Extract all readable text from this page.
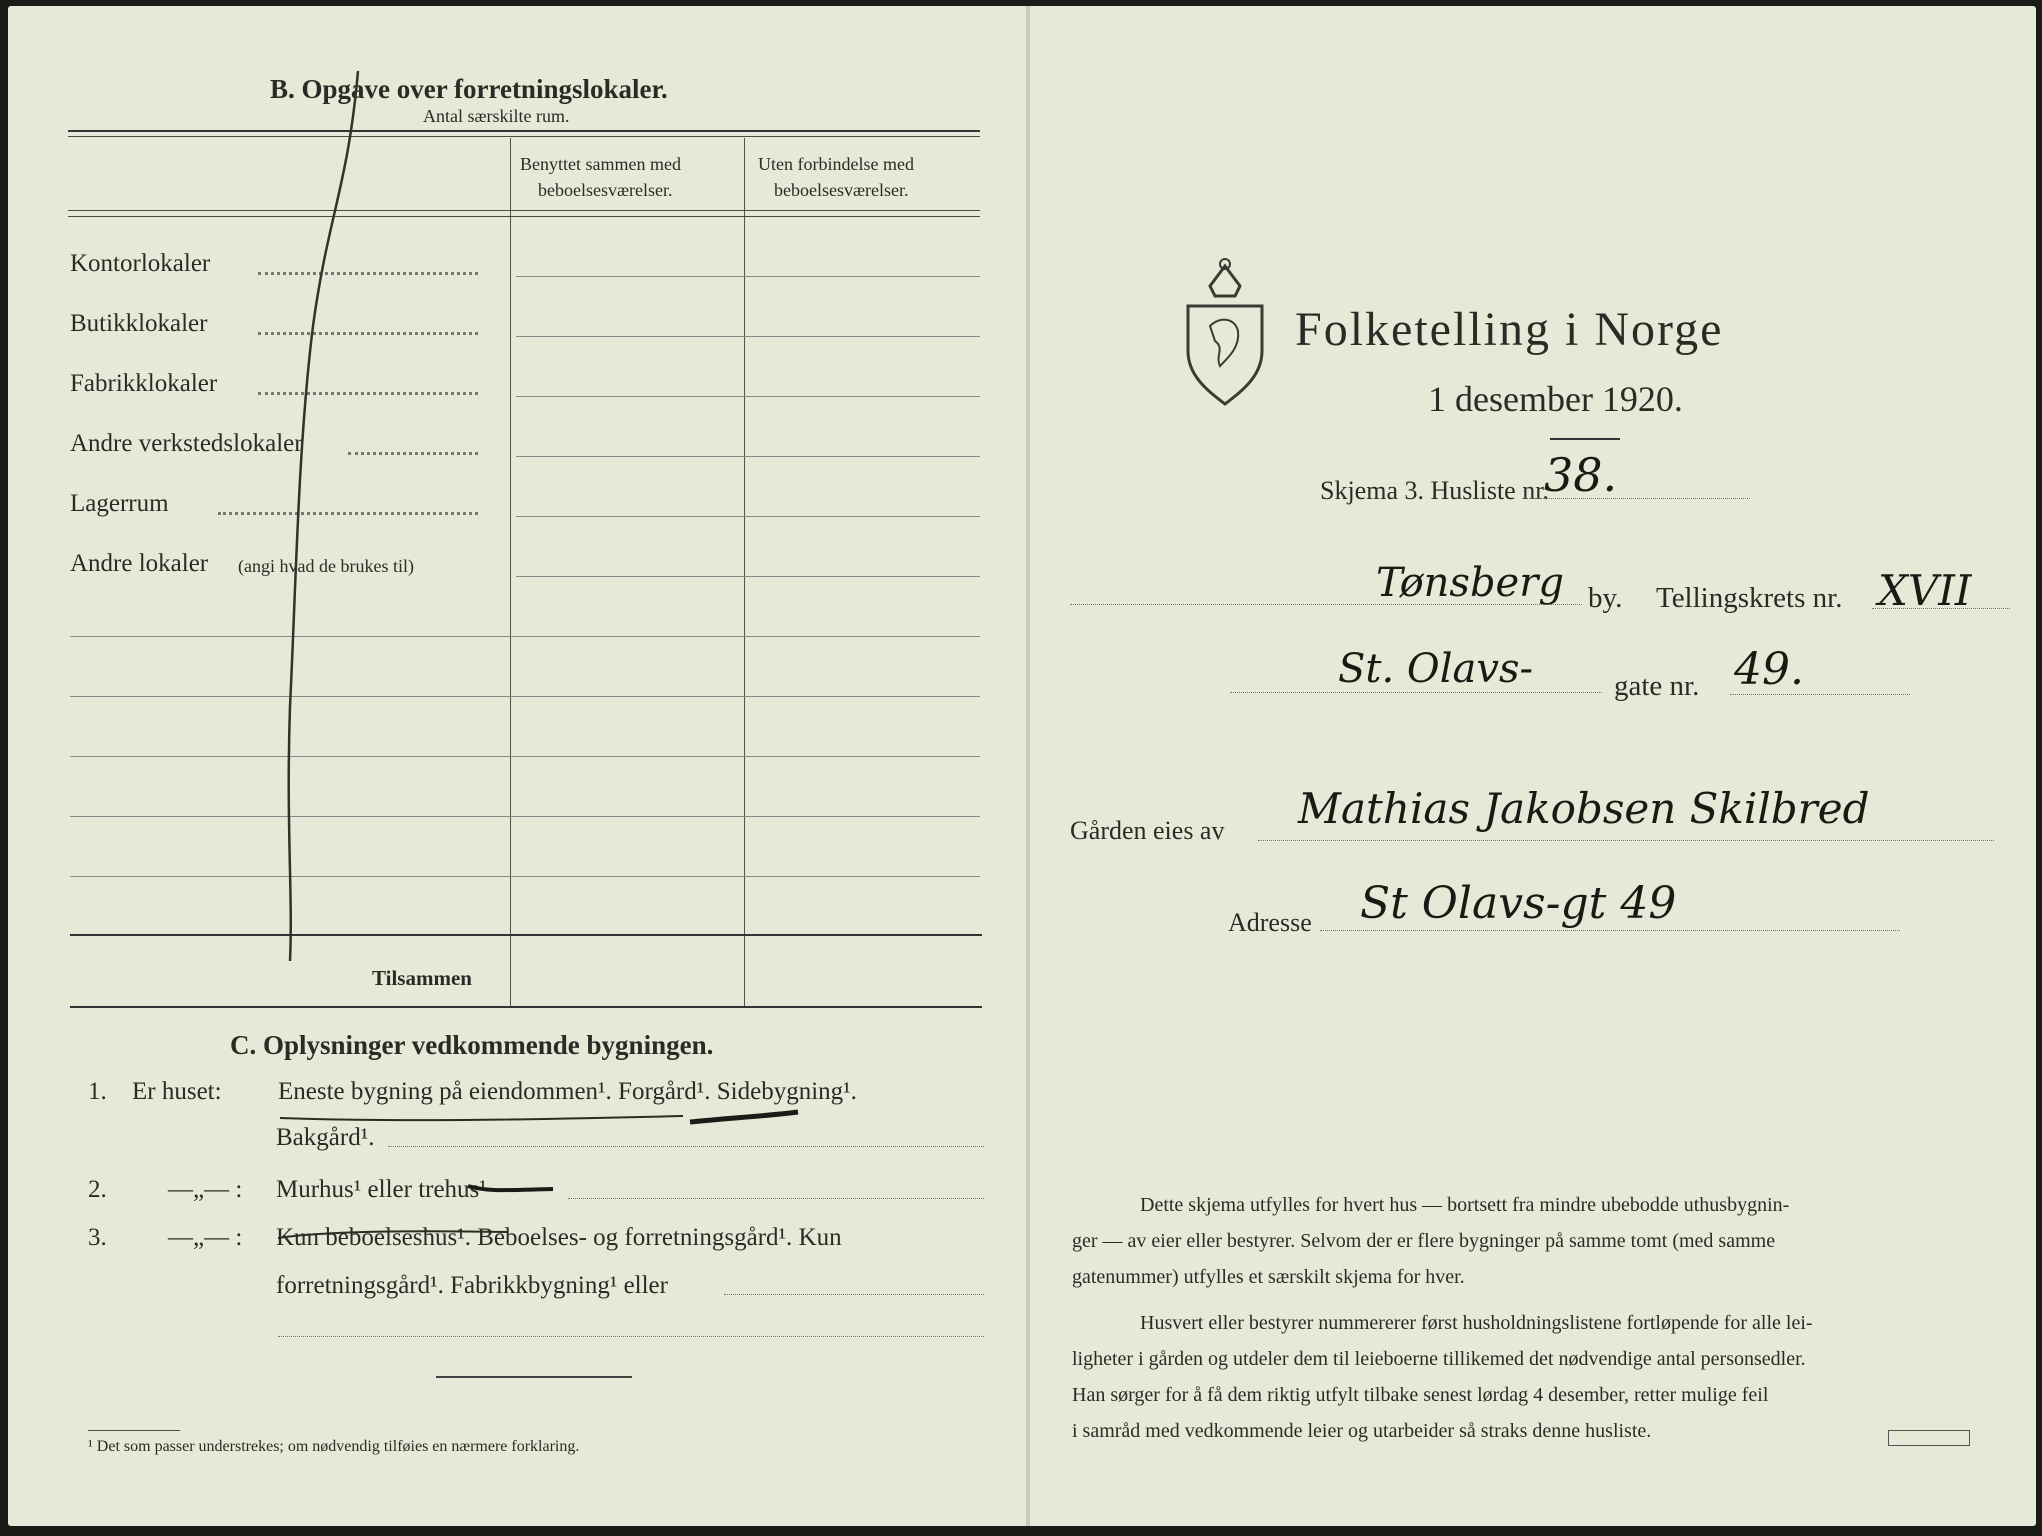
B. Opgave over forretningslokaler.
Antal særskilte rum.
Benyttet sammen med
beboelsesværelser.
Uten forbindelse med
beboelsesværelser.
Kontorlokaler
Butikklokaler
Fabrikklokaler
Andre verkstedslokaler
Lagerrum
Andre lokaler (angi hvad de brukes til)
Tilsammen
C. Oplysninger vedkommende bygningen.
1. Er huset: Eneste bygning på eiendommen¹. Forgård¹. Sidebygning¹.
Bakgård¹.
2. —„— : Murhus¹ eller trehus¹
3. —„— : Kun beboelseshus¹. Beboelses- og forretningsgård¹. Kun
forretningsgård¹. Fabrikkbygning¹ eller
¹ Det som passer understrekes; om nødvendig tilføies en nærmere forklaring.
Folketelling i Norge
1 desember 1920.
Skjema 3. Husliste nr.
38.
Tønsberg by. Tellingskrets nr. XVII
St. Olavs-	gate nr. 49.
Gården eies av Mathias Jakobsen Skilbred
Adresse St Olavs-gt 49
Dette skjema utfylles for hvert hus — bortsett fra mindre ubebodde uthusbygnin-
ger — av eier eller bestyrer. Selvom der er flere bygninger på samme tomt (med samme
gatenummer) utfylles et særskilt skjema for hver.
Husvert eller bestyrer nummererer først husholdningslistene fortløpende for alle lei-
ligheter i gården og utdeler dem til leieboerne tillikemed det nødvendige antal personsedler.
Han sørger for å få dem riktig utfylt tilbake senest lørdag 4 desember, retter mulige feil
i samråd med vedkommende leier og utarbeider så straks denne husliste.
